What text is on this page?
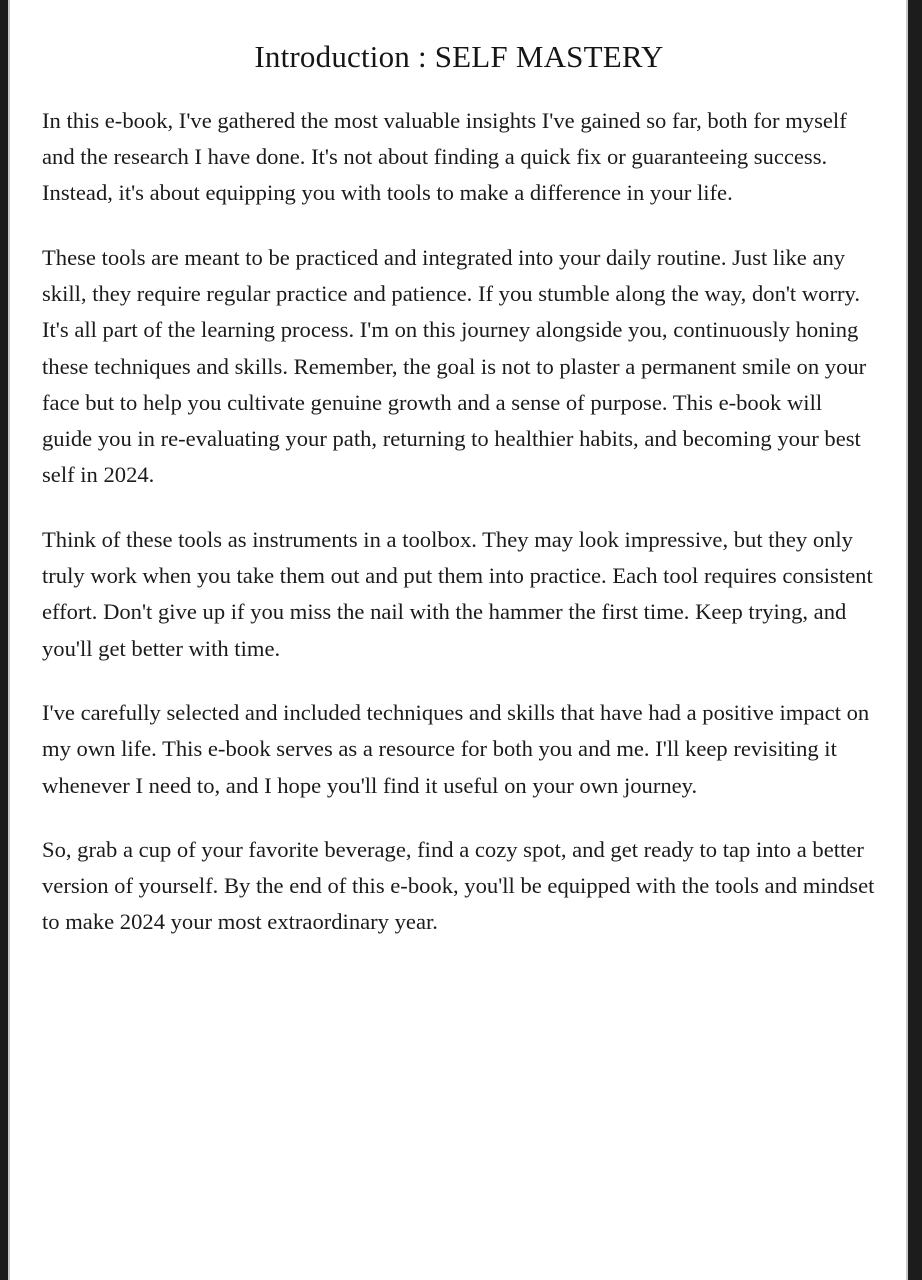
Introduction : SELF MASTERY

In this e-book, I've gathered the most valuable insights I've gained so far, both for myself and the research I have done. It's not about finding a quick fix or guaranteeing success. Instead, it's about equipping you with tools to make a difference in your life.

These tools are meant to be practiced and integrated into your daily routine. Just like any skill, they require regular practice and patience. If you stumble along the way, don't worry. It's all part of the learning process. I'm on this journey alongside you, continuously honing these techniques and skills. Remember, the goal is not to plaster a permanent smile on your face but to help you cultivate genuine growth and a sense of purpose. This e-book will guide you in re-evaluating your path, returning to healthier habits, and becoming your best self in 2024.

Think of these tools as instruments in a toolbox. They may look impressive, but they only truly work when you take them out and put them into practice. Each tool requires consistent effort. Don't give up if you miss the nail with the hammer the first time. Keep trying, and you'll get better with time.

I've carefully selected and included techniques and skills that have had a positive impact on my own life. This e-book serves as a resource for both you and me. I'll keep revisiting it whenever I need to, and I hope you'll find it useful on your own journey.

So, grab a cup of your favorite beverage, find a cozy spot, and get ready to tap into a better version of yourself. By the end of this e-book, you'll be equipped with the tools and mindset to make 2024 your most extraordinary year.
